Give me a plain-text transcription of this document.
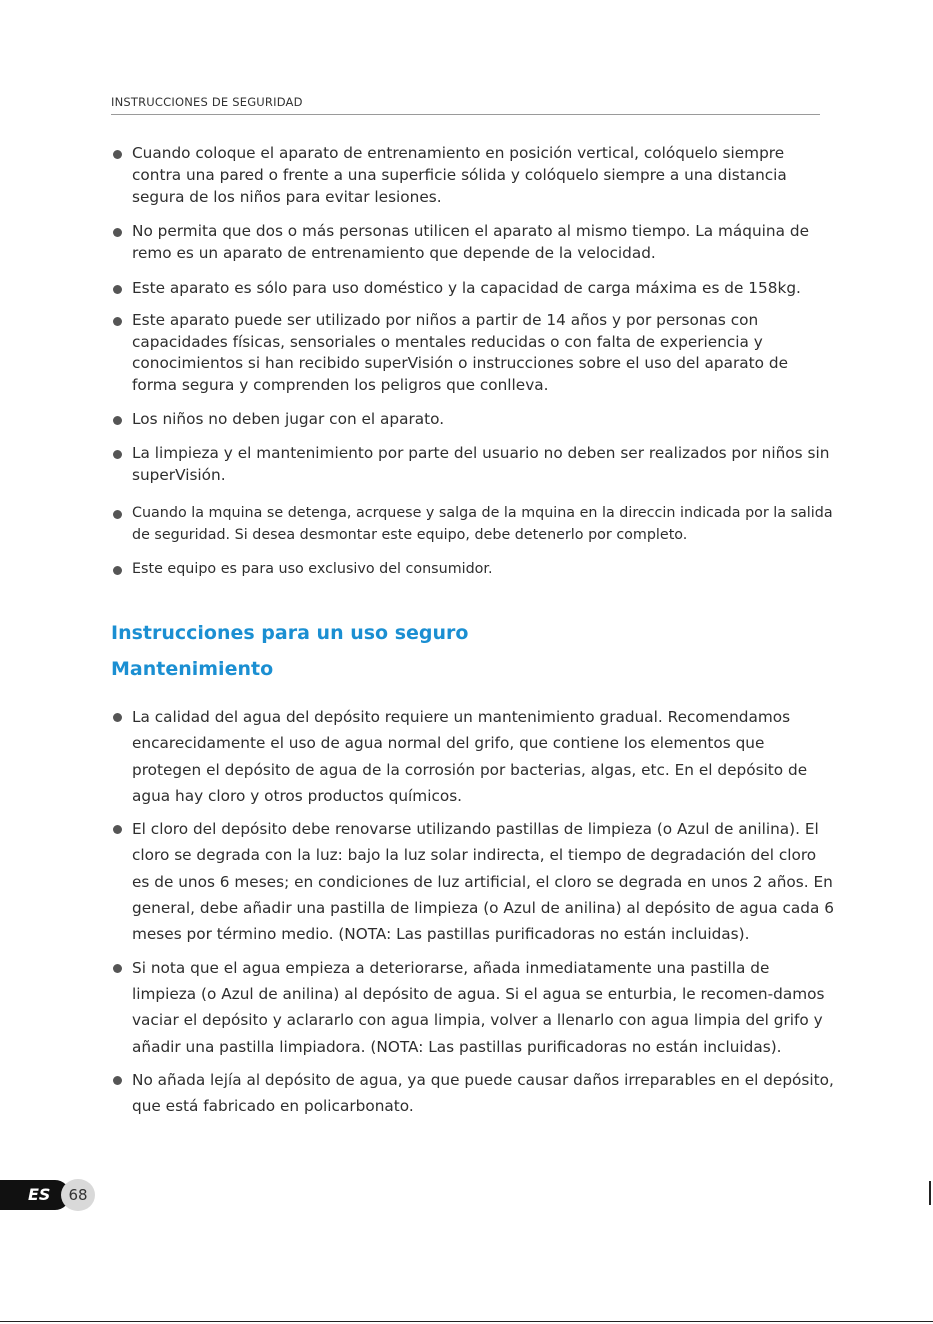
INSTRUCCIONES DE SEGURIDAD
Cuando coloque el aparato de entrenamiento en posición vertical, colóquelo siempre contra una pared o frente a una superficie sólida y colóquelo siempre a una distancia segura de los niños para evitar lesiones.
No permita que dos o más personas utilicen el aparato al mismo tiempo. La máquina de remo es un aparato de entrenamiento que depende de la velocidad.
Este aparato es sólo para uso doméstico y la capacidad de carga máxima es de 158kg.
Este aparato puede ser utilizado por niños a partir de 14 años y por personas con capacidades físicas, sensoriales o mentales reducidas o con falta de experiencia y conocimientos si han recibido superVisión o instrucciones sobre el uso del aparato de forma segura y comprenden los peligros que conlleva.
Los niños no deben jugar con el aparato.
La limpieza y el mantenimiento por parte del usuario no deben ser realizados por niños sin superVisión.
Cuando la mquina se detenga, acrquese y salga de la mquina en la direccin indicada por la salida de seguridad. Si desea desmontar este equipo, debe detenerlo por completo.
Este equipo es para uso exclusivo del consumidor.
Instrucciones para un uso seguro
Mantenimiento
La calidad del agua del depósito requiere un mantenimiento gradual. Recomendamos encarecidamente el uso de agua normal del grifo, que contiene los elementos que protegen el depósito de agua de la corrosión por bacterias, algas, etc. En el depósito de agua hay cloro y otros productos químicos.
El cloro del depósito debe renovarse utilizando pastillas de limpieza (o Azul de anilina). El cloro se degrada con la luz: bajo la luz solar indirecta, el tiempo de degradación del cloro es de unos 6 meses; en condiciones de luz artificial, el cloro se degrada en unos 2 años. En general, debe añadir una pastilla de limpieza (o Azul de anilina) al depósito de agua cada 6 meses por término medio. (NOTA: Las pastillas purificadoras no están incluidas).
Si nota que el agua empieza a deteriorarse, añada inmediatamente una pastilla de limpieza (o Azul de anilina) al depósito de agua. Si el agua se enturbia, le recomen-damos vaciar el depósito y aclararlo con agua limpia, volver a llenarlo con agua limpia del grifo y añadir una pastilla limpiadora. (NOTA: Las pastillas purificadoras no están incluidas).
No añada lejía al depósito de agua, ya que puede causar daños irreparables en el depósito, que está fabricado en policarbonato.
ES	68
